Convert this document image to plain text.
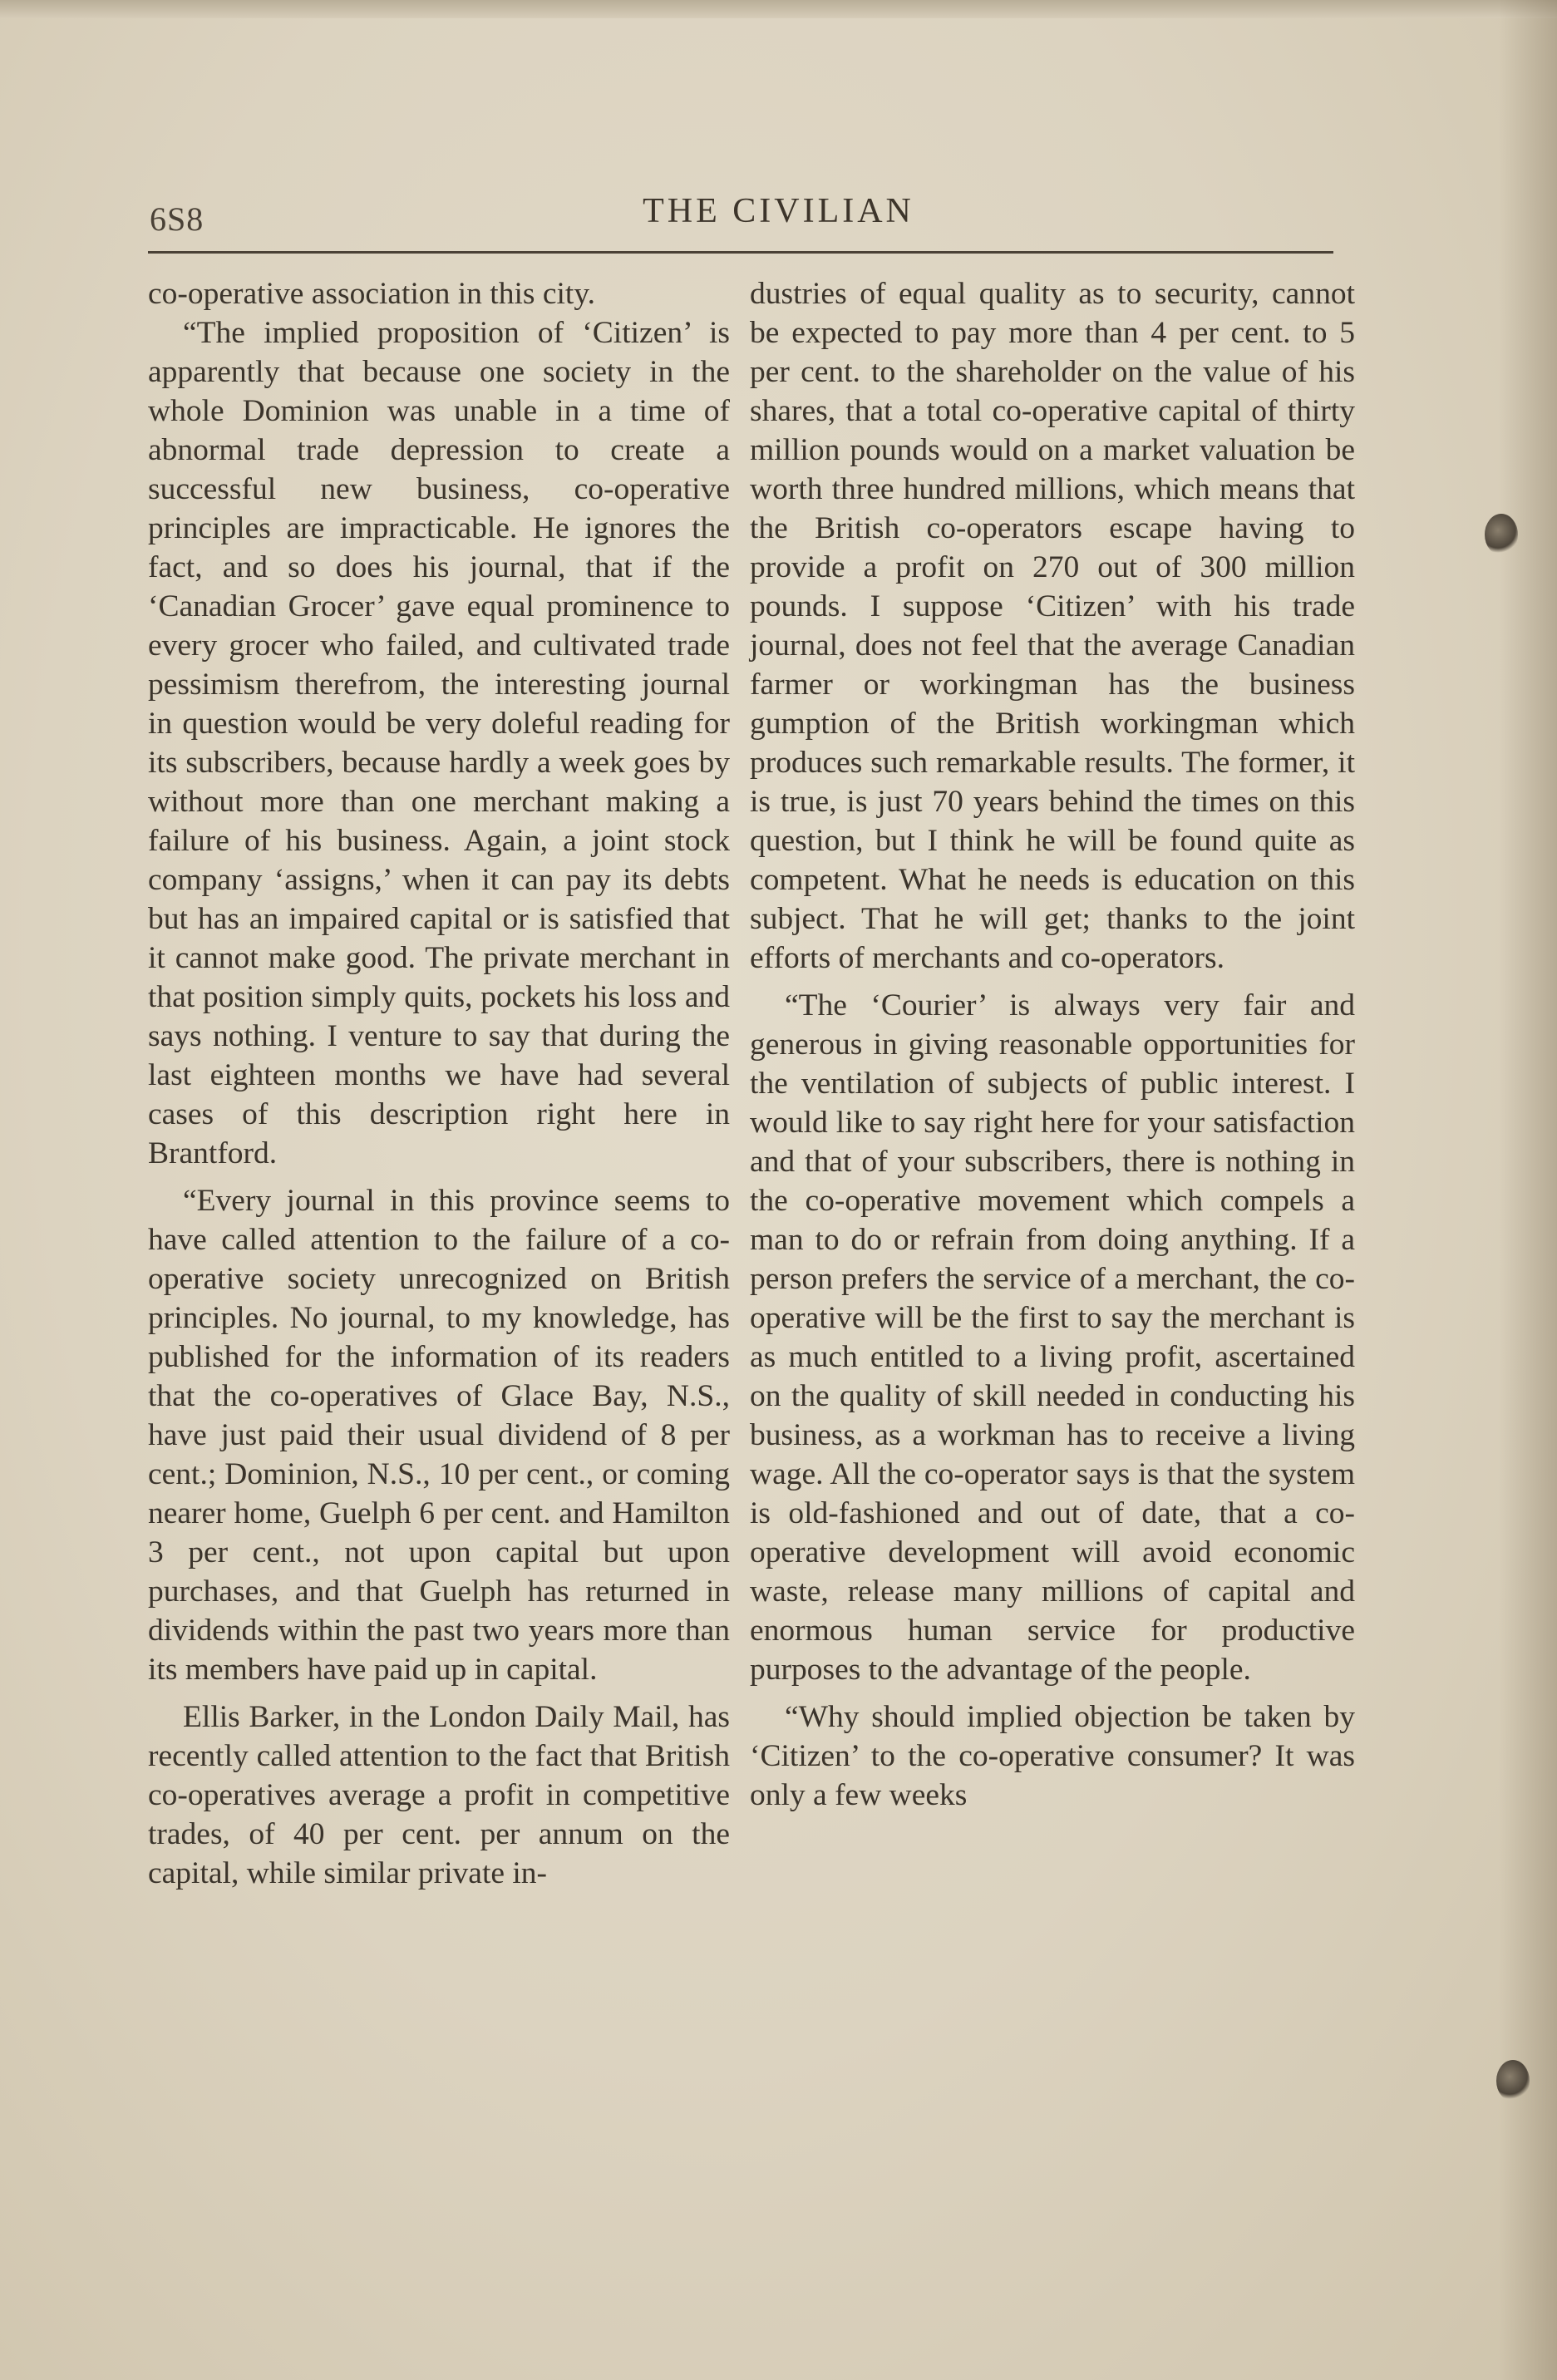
6S8	THE CIVILIAN

co-operative association in this city.

“The implied proposition of ‘Citizen’ is apparently that because one society in the whole Dominion was unable in a time of abnormal trade depression to create a successful new business, co-operative principles are impracticable. He ignores the fact, and so does his journal, that if the ‘Canadian Grocer’ gave equal prominence to every grocer who failed, and cultivated trade pessimism therefrom, the interesting journal in question would be very doleful reading for its subscribers, because hardly a week goes by without more than one merchant making a failure of his business. Again, a joint stock company ‘assigns,’ when it can pay its debts but has an impaired capital or is satisfied that it cannot make good. The private merchant in that position simply quits, pockets his loss and says nothing. I venture to say that during the last eighteen months we have had several cases of this description right here in Brantford.

“Every journal in this province seems to have called attention to the failure of a co-operative society unrecognized on British principles. No journal, to my knowledge, has published for the information of its readers that the co-operatives of Glace Bay, N.S., have just paid their usual dividend of 8 per cent.; Dominion, N.S., 10 per cent., or coming nearer home, Guelph 6 per cent. and Hamilton 3 per cent., not upon capital but upon purchases, and that Guelph has returned in dividends within the past two years more than its members have paid up in capital.

Ellis Barker, in the London Daily Mail, has recently called attention to the fact that British co-operatives average a profit in competitive trades, of 40 per cent. per annum on the capital, while similar private in-

dustries of equal quality as to security, cannot be expected to pay more than 4 per cent. to 5 per cent. to the shareholder on the value of his shares, that a total co-operative capital of thirty million pounds would on a market valuation be worth three hundred millions, which means that the British co-operators escape having to provide a profit on 270 out of 300 million pounds. I suppose ‘Citizen’ with his trade journal, does not feel that the average Canadian farmer or workingman has the business gumption of the British workingman which produces such remarkable results. The former, it is true, is just 70 years behind the times on this question, but I think he will be found quite as competent. What he needs is education on this subject. That he will get; thanks to the joint efforts of merchants and co-operators.

“The ‘Courier’ is always very fair and generous in giving reasonable opportunities for the ventilation of subjects of public interest. I would like to say right here for your satisfaction and that of your subscribers, there is nothing in the co-operative movement which compels a man to do or refrain from doing anything. If a person prefers the service of a merchant, the co-operative will be the first to say the merchant is as much entitled to a living profit, ascertained on the quality of skill needed in conducting his business, as a workman has to receive a living wage. All the co-operator says is that the system is old-fashioned and out of date, that a co-operative development will avoid economic waste, release many millions of capital and enormous human service for productive purposes to the advantage of the people.

“Why should implied objection be taken by ‘Citizen’ to the co-operative consumer? It was only a few weeks
